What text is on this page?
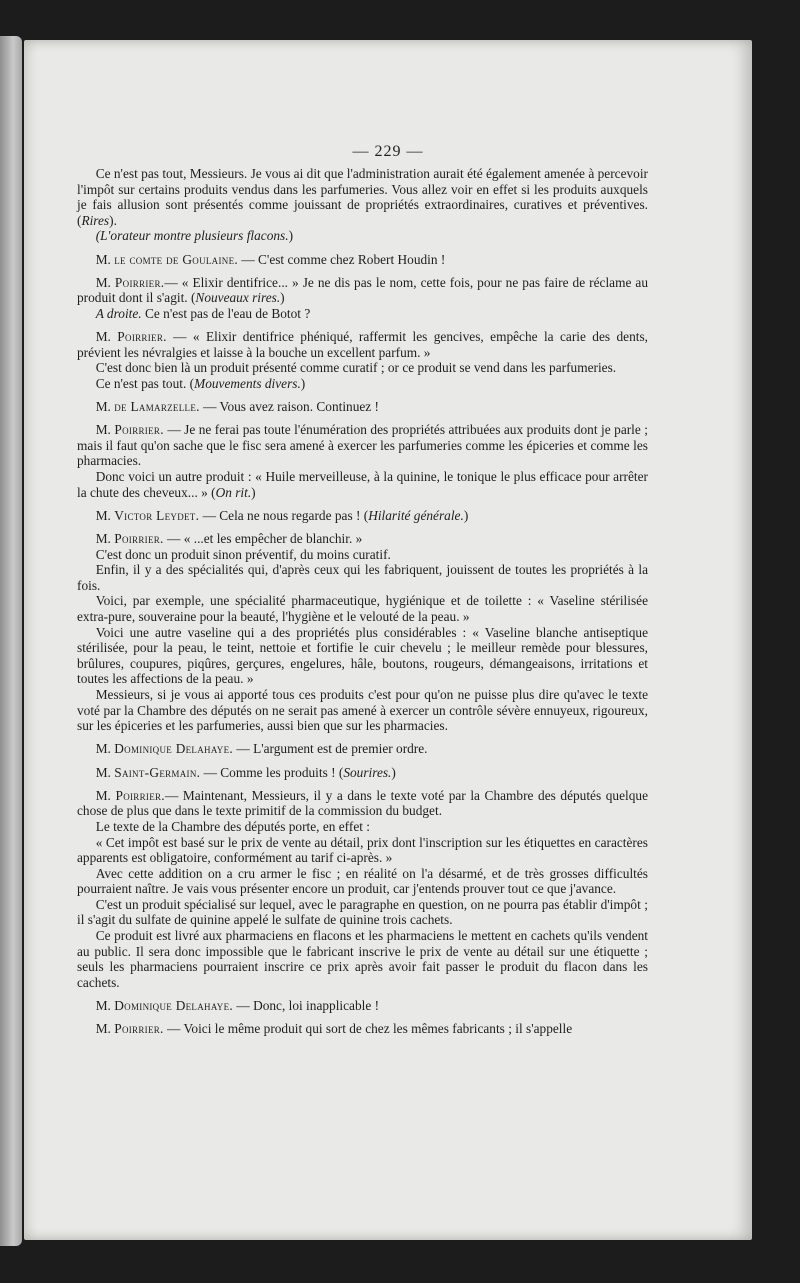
— 229 —

Ce n'est pas tout, Messieurs. Je vous ai dit que l'administration aurait été également amenée à percevoir l'impôt sur certains produits vendus dans les parfumeries. Vous allez voir en effet si les produits auxquels je fais allusion sont présentés comme jouissant de propriétés extraordinaires, curatives et préventives. (Rires).

(L'orateur montre plusieurs flacons.)

M. le comte de Goulaine. — C'est comme chez Robert Houdin !

M. Poirrier.— « Elixir dentifrice... » Je ne dis pas le nom, cette fois, pour ne pas faire de réclame au produit dont il s'agit. (Nouveaux rires.)

A droite. Ce n'est pas de l'eau de Botot ?

M. Poirrier. — « Elixir dentifrice phéniqué, raffermit les gencives, empêche la carie des dents, prévient les névralgies et laisse à la bouche un excellent parfum. »

C'est donc bien là un produit présenté comme curatif ; or ce produit se vend dans les parfumeries.

Ce n'est pas tout. (Mouvements divers.)

M. de Lamarzelle. — Vous avez raison. Continuez !

M. Poirrier. — Je ne ferai pas toute l'énumération des propriétés attribuées aux produits dont je parle ; mais il faut qu'on sache que le fisc sera amené à exercer les parfumeries comme les épiceries et comme les pharmacies.

Donc voici un autre produit : « Huile merveilleuse, à la quinine, le tonique le plus efficace pour arrêter la chute des cheveux... » (On rit.)

M. Victor Leydet. — Cela ne nous regarde pas ! (Hilarité générale.)

M. Poirrier. — « ...et les empêcher de blanchir. »

C'est donc un produit sinon préventif, du moins curatif.

Enfin, il y a des spécialités qui, d'après ceux qui les fabriquent, jouissent de toutes les propriétés à la fois.

Voici, par exemple, une spécialité pharmaceutique, hygiénique et de toilette : « Vaseline stérilisée extra-pure, souveraine pour la beauté, l'hygiène et le velouté de la peau. »

Voici une autre vaseline qui a des propriétés plus considérables : « Vaseline blanche antiseptique stérilisée, pour la peau, le teint, nettoie et fortifie le cuir chevelu ; le meilleur remède pour blessures, brûlures, coupures, piqûres, gerçures, engelures, hâle, boutons, rougeurs, démangeaisons, irritations et toutes les affections de la peau. »

Messieurs, si je vous ai apporté tous ces produits c'est pour qu'on ne puisse plus dire qu'avec le texte voté par la Chambre des députés on ne serait pas amené à exercer un contrôle sévère ennuyeux, rigoureux, sur les épiceries et les parfumeries, aussi bien que sur les pharmacies.

M. Dominique Delahaye. — L'argument est de premier ordre.

M. Saint-Germain. — Comme les produits ! (Sourires.)

M. Poirrier.— Maintenant, Messieurs, il y a dans le texte voté par la Chambre des députés quelque chose de plus que dans le texte primitif de la commission du budget.

Le texte de la Chambre des députés porte, en effet :

« Cet impôt est basé sur le prix de vente au détail, prix dont l'inscription sur les étiquettes en caractères apparents est obligatoire, conformément au tarif ci-après. »

Avec cette addition on a cru armer le fisc ; en réalité on l'a désarmé, et de très grosses difficultés pourraient naître. Je vais vous présenter encore un produit, car j'entends prouver tout ce que j'avance.

C'est un produit spécialisé sur lequel, avec le paragraphe en question, on ne pourra pas établir d'impôt ; il s'agit du sulfate de quinine appelé le sulfate de quinine trois cachets.

Ce produit est livré aux pharmaciens en flacons et les pharmaciens le mettent en cachets qu'ils vendent au public. Il sera donc impossible que le fabricant inscrive le prix de vente au détail sur une étiquette ; seuls les pharmaciens pourraient inscrire ce prix après avoir fait passer le produit du flacon dans les cachets.

M. Dominique Delahaye. — Donc, loi inapplicable !

M. Poirrier. — Voici le même produit qui sort de chez les mêmes fabricants ; il s'appelle
